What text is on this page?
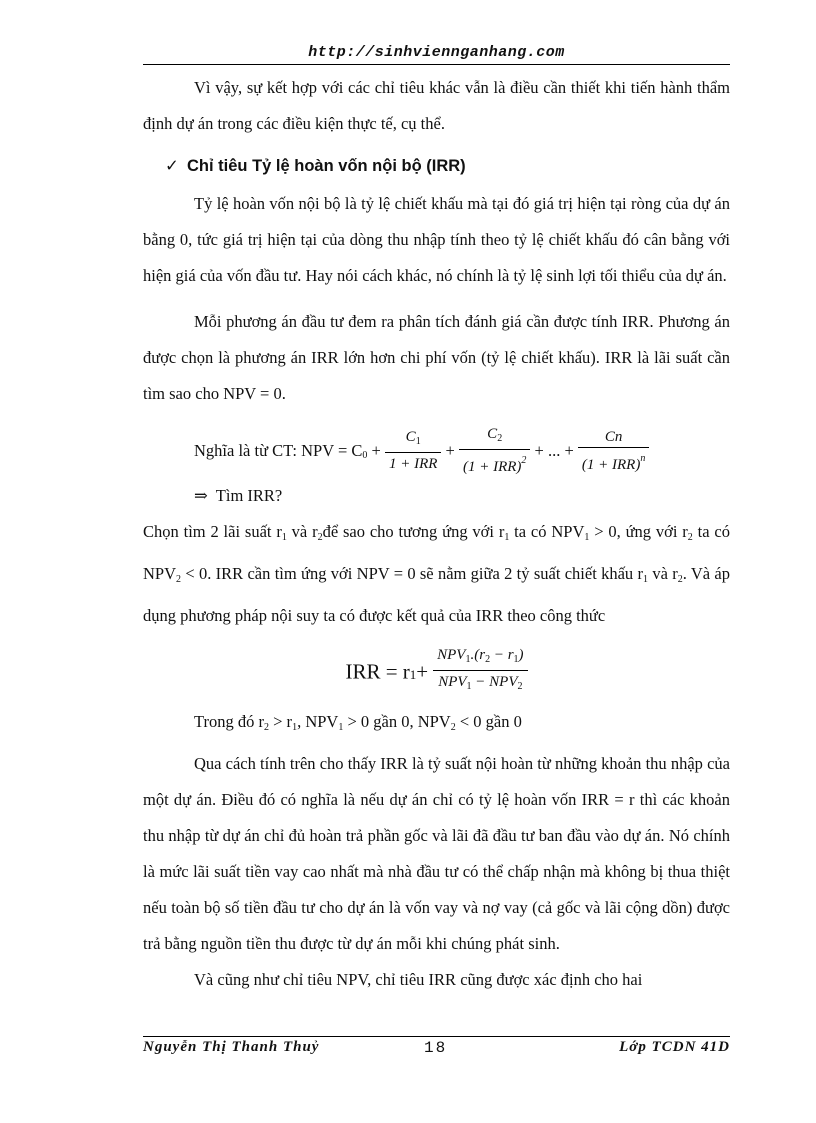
http://sinhviennganhang.com

Vì vậy, sự kết hợp với các chỉ tiêu khác vẫn là điều cần thiết khi tiến hành thẩm định dự án trong các điều kiện thực tế, cụ thể.

✓ Chỉ tiêu Tỷ lệ hoàn vốn nội bộ (IRR)

Tỷ lệ hoàn vốn nội bộ là tỷ lệ chiết khấu mà tại đó giá trị hiện tại ròng của dự án bằng 0, tức giá trị hiện tại của dòng thu nhập tính theo tỷ lệ chiết khấu đó cân bằng với hiện giá của vốn đầu tư. Hay nói cách khác, nó chính là tỷ lệ sinh lợi tối thiểu của dự án.

Mỗi phương án đầu tư đem ra phân tích đánh giá cần được tính IRR. Phương án được chọn là phương án IRR lớn hơn chi phí vốn (tỷ lệ chiết khấu). IRR là lãi suất cần tìm sao cho NPV = 0.

Nghĩa là từ CT: NPV = $C_0 + \frac{C_1}{\text{1 + IRR}} + \frac{C_2}{(1 + IRR)^2}$ + ... + $\frac{Cn}{(1 + IRR)^n}$

⇒ Tìm IRR?

Chọn tìm 2 lãi suất $r_1$ và $r_2để$ sao cho tương ứng với $r_1$ ta có $NPV_1 > 0$, ứng với $r_2$ ta có $NPV_2 < 0$. IRR cần tìm ứng với NPV = 0 sẽ nằm giữa 2 tỷ suất chiết khấu $r_1$ và $r_2$. Và áp dụng phương pháp nội suy ta có được kết quả của IRR theo công thức

IRR = $r_1+ \frac{NPV_1.(r_2 - r_1)}{NPV_1 - NPV_2}$

Trong đó $r_2 > r_1$, $NPV_1 > 0$ gần 0, $NPV_2 < 0$ gần 0

Qua cách tính trên cho thấy IRR là tỷ suất nội hoàn từ những khoản thu nhập của một dự án. Điều đó có nghĩa là nếu dự án chỉ có tỷ lệ hoàn vốn IRR = r thì các khoản thu nhập từ dự án chỉ đủ hoàn trả phần gốc và lãi đã đầu tư ban đầu vào dự án. Nó chính là mức lãi suất tiền vay cao nhất mà nhà đầu tư có thể chấp nhận mà không bị thua thiệt nếu toàn bộ số tiền đầu tư cho dự án là vốn vay và nợ vay (cả gốc và lãi cộng dồn) được trả bằng nguồn tiền thu được từ dự án mỗi khi chúng phát sinh.

Và cũng như chỉ tiêu NPV, chỉ tiêu IRR cũng được xác định cho hai

Nguyễn Thị Thanh Thuỷ	18	Lớp TCDN 41D
